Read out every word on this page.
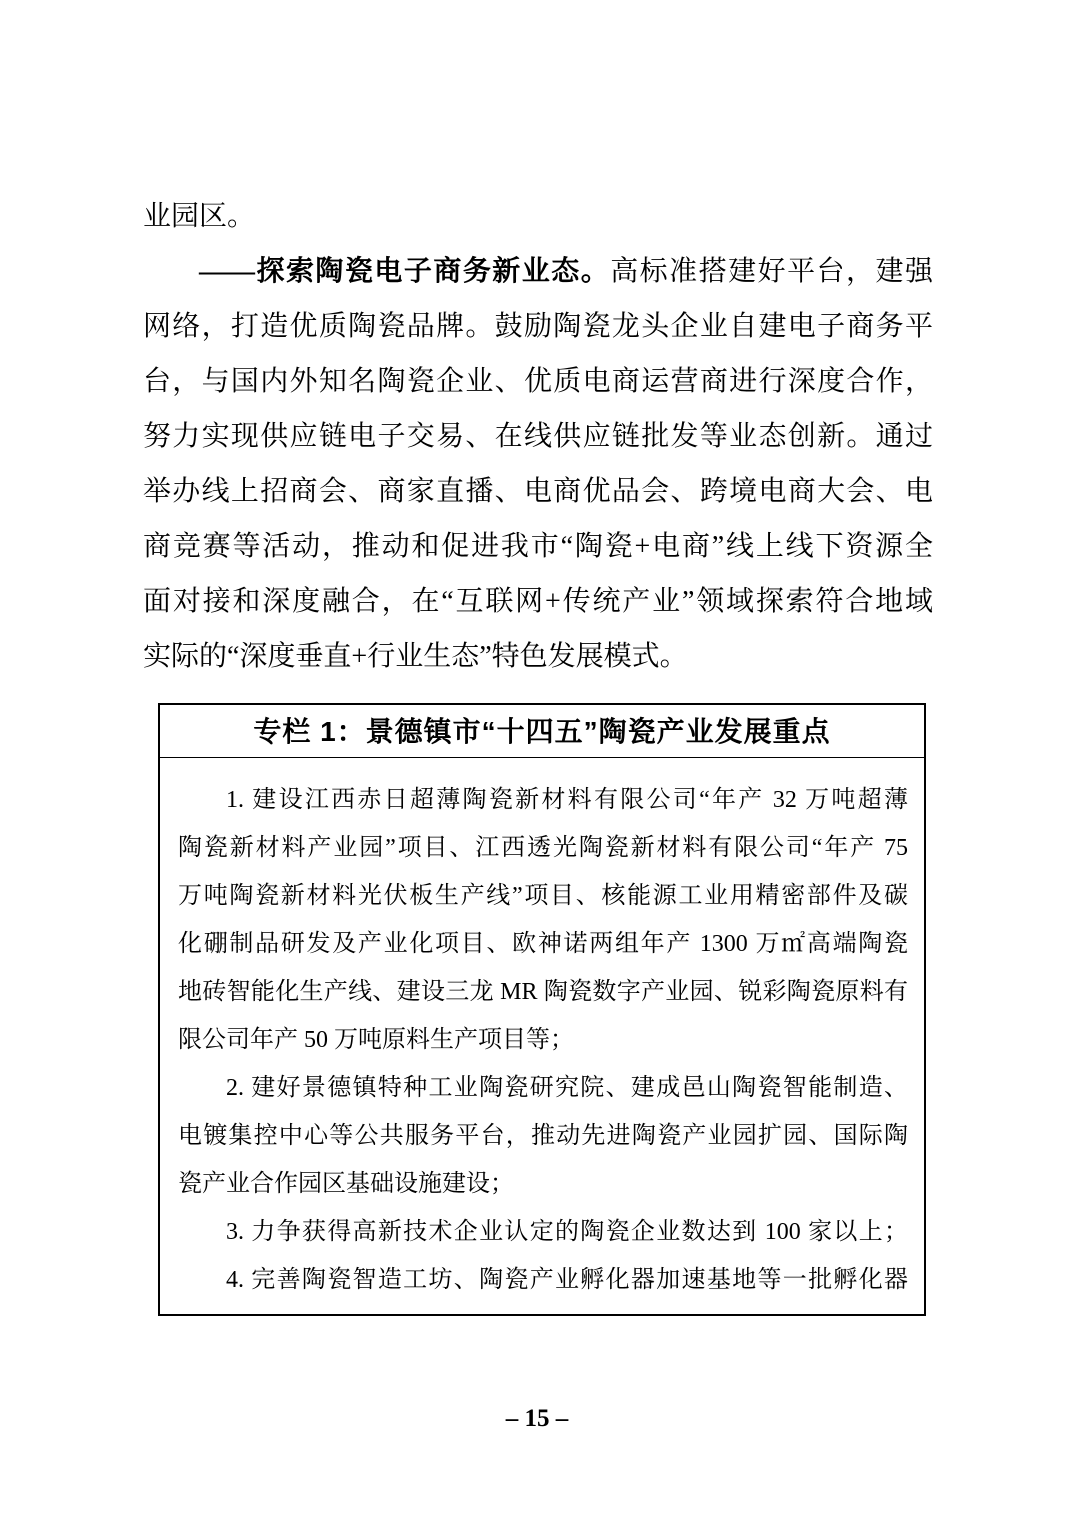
业园区。
——探索陶瓷电子商务新业态。高标准搭建好平台，建强
网络，打造优质陶瓷品牌。鼓励陶瓷龙头企业自建电子商务平
台，与国内外知名陶瓷企业、优质电商运营商进行深度合作，
努力实现供应链电子交易、在线供应链批发等业态创新。通过
举办线上招商会、商家直播、电商优品会、跨境电商大会、电
商竞赛等活动，推动和促进我市“陶瓷+电商”线上线下资源全
面对接和深度融合，在“互联网+传统产业”领域探索符合地域
实际的“深度垂直+行业生态”特色发展模式。
专栏 1：景德镇市“十四五”陶瓷产业发展重点
1. 建设江西赤日超薄陶瓷新材料有限公司“年产 32 万吨超薄
陶瓷新材料产业园”项目、江西透光陶瓷新材料有限公司“年产 75
万吨陶瓷新材料光伏板生产线”项目、核能源工业用精密部件及碳
化硼制品研发及产业化项目、欧神诺两组年产 1300 万㎡高端陶瓷
地砖智能化生产线、建设三龙 MR 陶瓷数字产业园、锐彩陶瓷原料有
限公司年产 50 万吨原料生产项目等；
2. 建好景德镇特种工业陶瓷研究院、建成邑山陶瓷智能制造、
电镀集控中心等公共服务平台，推动先进陶瓷产业园扩园、国际陶
瓷产业合作园区基础设施建设；
3. 力争获得高新技术企业认定的陶瓷企业数达到 100 家以上；
4. 完善陶瓷智造工坊、陶瓷产业孵化器加速基地等一批孵化器
– 15 –
